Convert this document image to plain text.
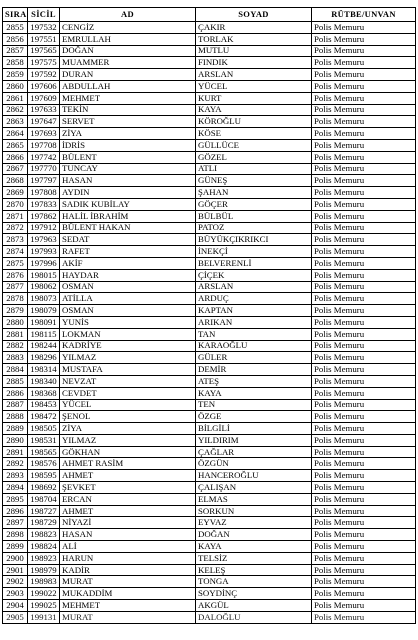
SIRA	SİCİL	AD	SOYAD	RÜTBE/UNVAN
2855	197532	CENGİZ	ÇAKIR	Polis Memuru
2856	197551	EMRULLAH	TORLAK	Polis Memuru
2857	197565	DOĞAN	MUTLU	Polis Memuru
2858	197575	MUAMMER	FINDIK	Polis Memuru
2859	197592	DURAN	ARSLAN	Polis Memuru
2860	197606	ABDULLAH	YÜCEL	Polis Memuru
2861	197609	MEHMET	KURT	Polis Memuru
2862	197633	TEKİN	KAYA	Polis Memuru
2863	197647	SERVET	KÖROĞLU	Polis Memuru
2864	197693	ZİYA	KÖSE	Polis Memuru
2865	197708	İDRİS	GÜLLÜCE	Polis Memuru
2866	197742	BÜLENT	GÖZEL	Polis Memuru
2867	197770	TUNCAY	ATLI	Polis Memuru
2868	197797	HASAN	GÜNEŞ	Polis Memuru
2869	197808	AYDIN	ŞAHAN	Polis Memuru
2870	197833	SADIK KUBİLAY	GÖÇER	Polis Memuru
2871	197862	HALİL İBRAHİM	BÜLBÜL	Polis Memuru
2872	197912	BÜLENT HAKAN	PATOZ	Polis Memuru
2873	197963	SEDAT	BÜYÜKÇIKRIKCI	Polis Memuru
2874	197993	RAFET	İNEKÇİ	Polis Memuru
2875	197996	AKİF	BELVERENLİ	Polis Memuru
2876	198015	HAYDAR	ÇİÇEK	Polis Memuru
2877	198062	OSMAN	ARSLAN	Polis Memuru
2878	198073	ATİLLA	ARDUÇ	Polis Memuru
2879	198079	OSMAN	KAPTAN	Polis Memuru
2880	198091	YUNİS	ARIKAN	Polis Memuru
2881	198115	LOKMAN	TAN	Polis Memuru
2882	198244	KADRİYE	KARAOĞLU	Polis Memuru
2883	198296	YILMAZ	GÜLER	Polis Memuru
2884	198314	MUSTAFA	DEMİR	Polis Memuru
2885	198340	NEVZAT	ATEŞ	Polis Memuru
2886	198368	CEVDET	KAYA	Polis Memuru
2887	198453	YÜCEL	TEN	Polis Memuru
2888	198472	ŞENOL	ÖZGE	Polis Memuru
2889	198505	ZİYA	BİLGİLİ	Polis Memuru
2890	198531	YILMAZ	YILDIRIM	Polis Memuru
2891	198565	GÖKHAN	ÇAĞLAR	Polis Memuru
2892	198576	AHMET RASİM	ÖZGÜN	Polis Memuru
2893	198595	AHMET	HANCEROĞLU	Polis Memuru
2894	198692	ŞEVKET	ÇALIŞAN	Polis Memuru
2895	198704	ERCAN	ELMAS	Polis Memuru
2896	198727	AHMET	SORKUN	Polis Memuru
2897	198729	NİYAZİ	EYVAZ	Polis Memuru
2898	198823	HASAN	DOĞAN	Polis Memuru
2899	198824	ALİ	KAYA	Polis Memuru
2900	198923	HARUN	TELSİZ	Polis Memuru
2901	198979	KADİR	KELEŞ	Polis Memuru
2902	198983	MURAT	TONGA	Polis Memuru
2903	199022	MUKADDİM	SOYDİNÇ	Polis Memuru
2904	199025	MEHMET	AKGÜL	Polis Memuru
2905	199131	MURAT	DALOĞLU	Polis Memuru
